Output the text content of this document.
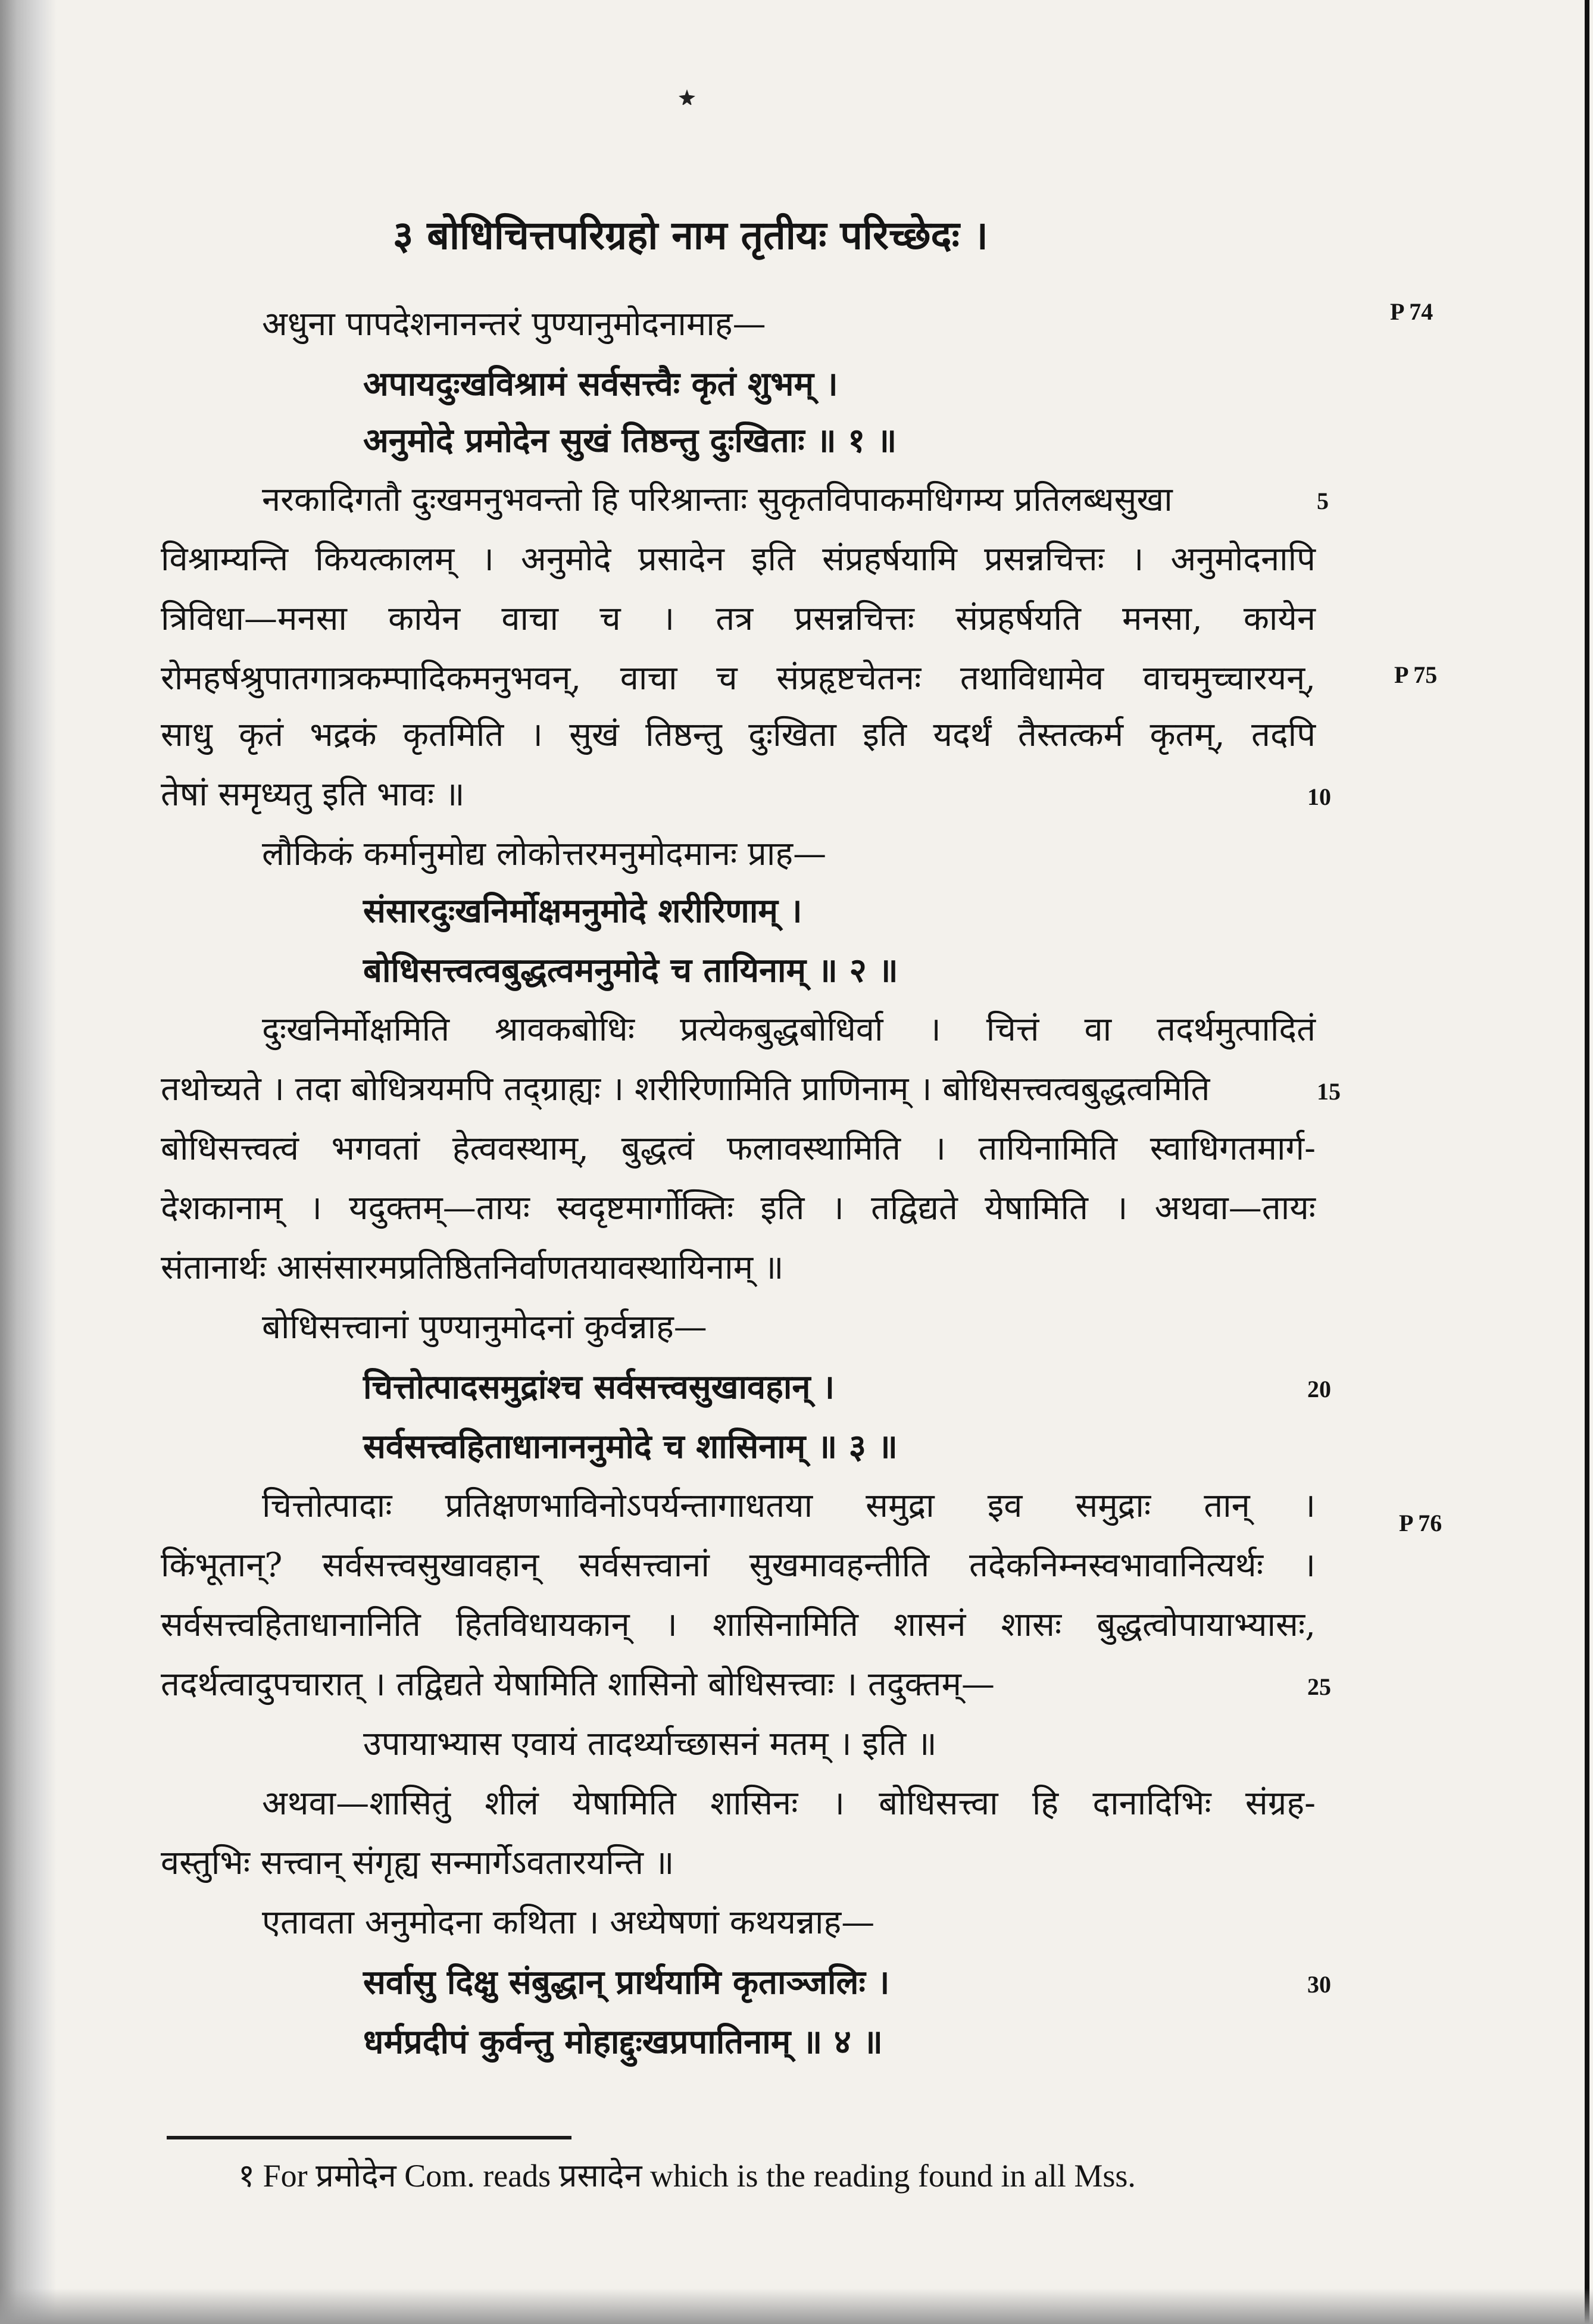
३ बोधिचित्तपरिग्रहो नाम तृतीयः परिच्छेदः ।
अधुना पापदेशनानन्तरं पुण्यानुमोदनामाह—
अपायदुःखविश्रामं सर्वसत्त्वैः कृतं शुभम् ।
अनुमोदे प्रमोदेन सुखं तिष्ठन्तु दुःखिताः ॥ १ ॥
नरकादिगतौ दुःखमनुभवन्तो हि परिश्रान्ताः सुकृतविपाकमधिगम्य प्रतिलब्धसुखा
विश्राम्यन्ति कियत्कालम् । अनुमोदे प्रसादेन इति संप्रहर्षयामि प्रसन्नचित्तः । अनुमोदनापि
त्रिविधा—मनसा कायेन वाचा च । तत्र प्रसन्नचित्तः संप्रहर्षयति मनसा, कायेन
रोमहर्षश्रुपातगात्रकम्पादिकमनुभवन्, वाचा च संप्रहृष्टचेतनः तथाविधामेव वाचमुच्चारयन्,
साधु कृतं भद्रकं कृतमिति । सुखं तिष्ठन्तु दुःखिता इति यदर्थं तैस्तत्कर्म कृतम्, तदपि
तेषां समृध्यतु इति भावः ॥
लौकिकं कर्मानुमोद्य लोकोत्तरमनुमोदमानः प्राह—
संसारदुःखनिर्मोक्षमनुमोदे शरीरिणाम् ।
बोधिसत्त्वत्वबुद्धत्वमनुमोदे च तायिनाम् ॥ २ ॥
दुःखनिर्मोक्षमिति श्रावकबोधिः प्रत्येकबुद्धबोधिर्वा । चित्तं वा तदर्थमुत्पादितं
तथोच्यते । तदा बोधित्रयमपि तद्ग्राह्यः । शरीरिणामिति प्राणिनाम् । बोधिसत्त्वत्वबुद्धत्वमिति
बोधिसत्त्वत्वं भगवतां हेत्ववस्थाम्, बुद्धत्वं फलावस्थामिति । तायिनामिति स्वाधिगतमार्ग-
देशकानाम् । यदुक्तम्—तायः स्वदृष्टमार्गोक्तिः इति । तद्विद्यते येषामिति । अथवा—तायः
संतानार्थः आसंसारमप्रतिष्ठितनिर्वाणतयावस्थायिनाम् ॥
बोधिसत्त्वानां पुण्यानुमोदनां कुर्वन्नाह—
चित्तोत्पादसमुद्रांश्च सर्वसत्त्वसुखावहान् ।
सर्वसत्त्वहिताधानाननुमोदे च शासिनाम् ॥ ३ ॥
चित्तोत्पादाः प्रतिक्षणभाविनोऽपर्यन्तागाधतया समुद्रा इव समुद्राः तान् ।
किंभूतान्? सर्वसत्त्वसुखावहान् सर्वसत्त्वानां सुखमावहन्तीति तदेकनिम्नस्वभावानित्यर्थः ।
सर्वसत्त्वहिताधानानिति हितविधायकान् । शासिनामिति शासनं शासः बुद्धत्वोपायाभ्यासः,
तदर्थत्वादुपचारात् । तद्विद्यते येषामिति शासिनो बोधिसत्त्वाः । तदुक्तम्—
उपायाभ्यास एवायं तादर्थ्याच्छासनं मतम् । इति ॥
अथवा—शासितुं शीलं येषामिति शासिनः । बोधिसत्त्वा हि दानादिभिः संग्रह-
वस्तुभिः सत्त्वान् संगृह्य सन्मार्गेऽवतारयन्ति ॥
एतावता अनुमोदना कथिता । अध्येषणां कथयन्नाह—
सर्वासु दिक्षु संबुद्धान् प्रार्थयामि कृताञ्जलिः ।
धर्मप्रदीपं कुर्वन्तु मोहाद्दुःखप्रपातिनाम् ॥ ४ ॥
5
10
15
20
25
30
P 74
P 75
P 76
१ For प्रमोदेन Com. reads प्रसादेन which is the reading found in all Mss.
